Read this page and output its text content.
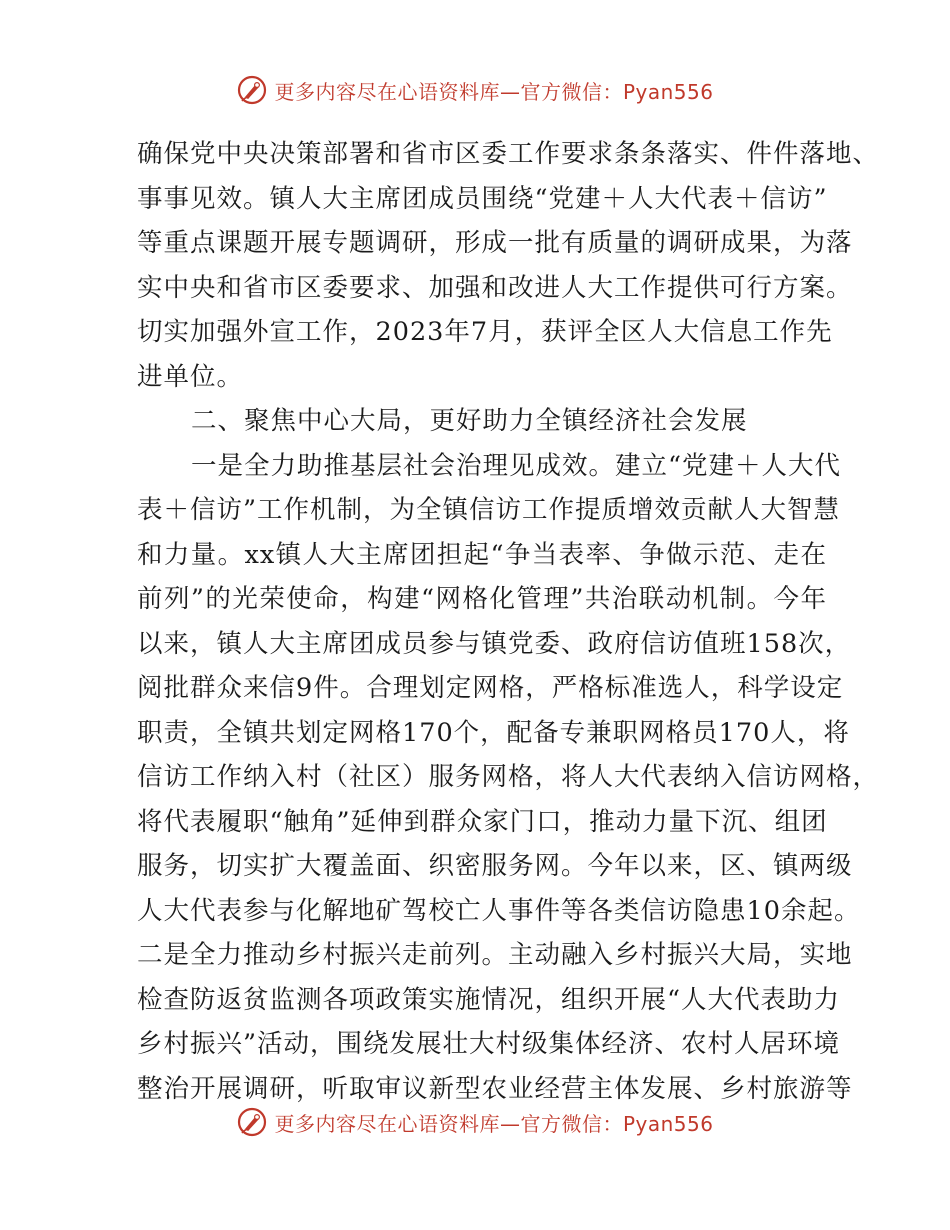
更多内容尽在心语资料库—官方微信：Pyan556
确保党中央决策部署和省市区委工作要求条条落实、件件落地、
事事见效。镇人大主席团成员围绕“党建＋人大代表＋信访”
等重点课题开展专题调研，形成一批有质量的调研成果，为落
实中央和省市区委要求、加强和改进人大工作提供可行方案。
切实加强外宣工作，2023年7月，获评全区人大信息工作先
进单位。
二、聚焦中心大局，更好助力全镇经济社会发展
一是全力助推基层社会治理见成效。建立“党建＋人大代
表＋信访”工作机制，为全镇信访工作提质增效贡献人大智慧
和力量。xx镇人大主席团担起“争当表率、争做示范、走在
前列”的光荣使命，构建“网格化管理”共治联动机制。今年
以来，镇人大主席团成员参与镇党委、政府信访值班158次，
阅批群众来信9件。合理划定网格，严格标准选人，科学设定
职责，全镇共划定网格170个，配备专兼职网格员170人，将
信访工作纳入村（社区）服务网格，将人大代表纳入信访网格，
将代表履职“触角”延伸到群众家门口，推动力量下沉、组团
服务，切实扩大覆盖面、织密服务网。今年以来，区、镇两级
人大代表参与化解地矿驾校亡人事件等各类信访隐患10余起。
二是全力推动乡村振兴走前列。主动融入乡村振兴大局，实地
检查防返贫监测各项政策实施情况，组织开展“人大代表助力
乡村振兴”活动，围绕发展壮大村级集体经济、农村人居环境
整治开展调研，听取审议新型农业经营主体发展、乡村旅游等
更多内容尽在心语资料库—官方微信：Pyan556
